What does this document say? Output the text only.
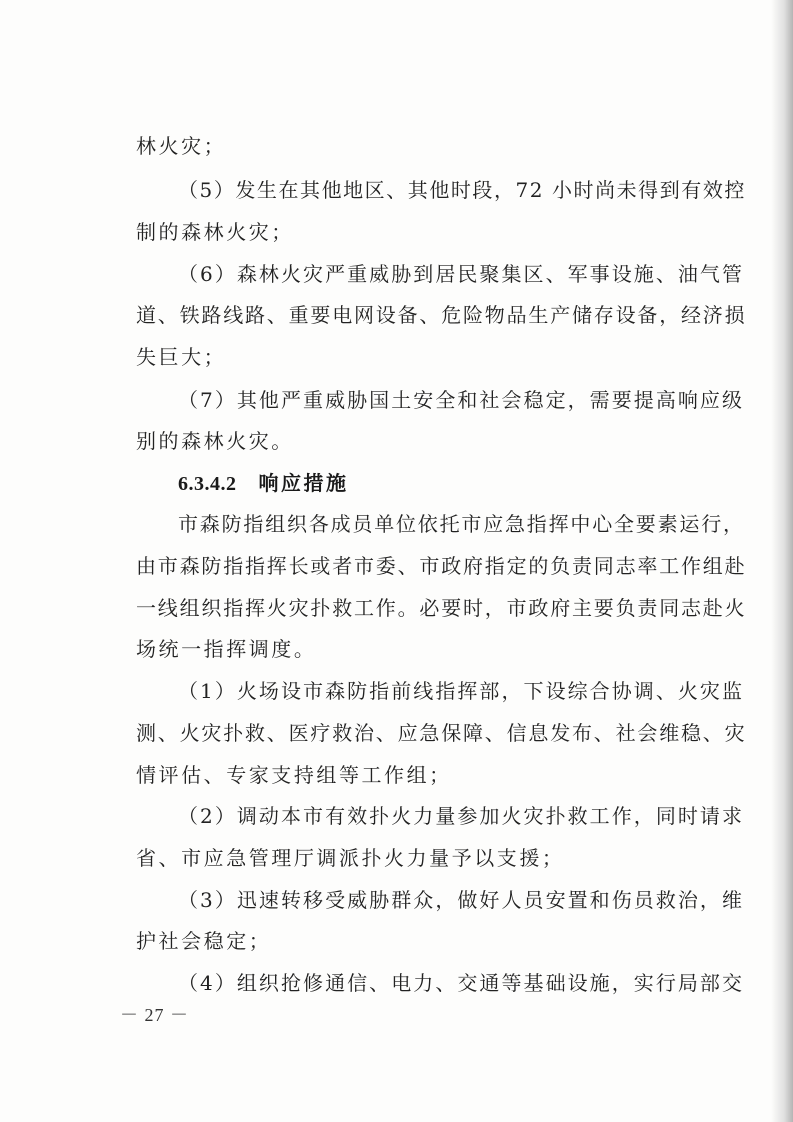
林火灾；
（5）发生在其他地区、其他时段，72 小时尚未得到有效控
制的森林火灾；
（6）森林火灾严重威胁到居民聚集区、军事设施、油气管
道、铁路线路、重要电网设备、危险物品生产储存设备，经济损
失巨大；
（7）其他严重威胁国土安全和社会稳定，需要提高响应级
别的森林火灾。
6.3.4.2 响应措施
市森防指组织各成员单位依托市应急指挥中心全要素运行，
由市森防指指挥长或者市委、市政府指定的负责同志率工作组赴
一线组织指挥火灾扑救工作。必要时，市政府主要负责同志赴火
场统一指挥调度。
（1）火场设市森防指前线指挥部，下设综合协调、火灾监
测、火灾扑救、医疗救治、应急保障、信息发布、社会维稳、灾
情评估、专家支持组等工作组；
（2）调动本市有效扑火力量参加火灾扑救工作，同时请求
省、市应急管理厅调派扑火力量予以支援；
（3）迅速转移受威胁群众，做好人员安置和伤员救治，维
护社会稳定；
（4）组织抢修通信、电力、交通等基础设施，实行局部交
－ 27 －
